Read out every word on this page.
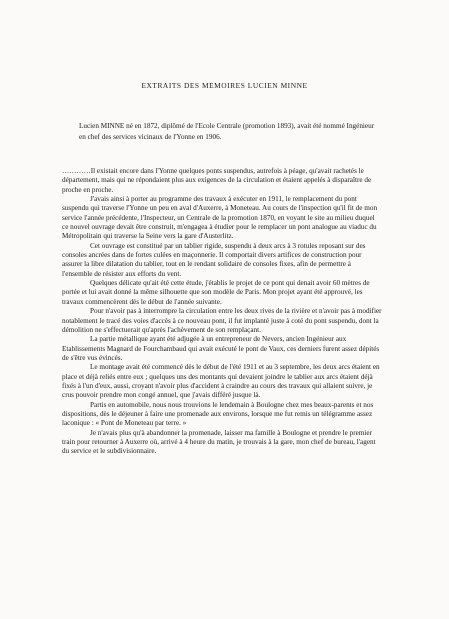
EXTRAITS DES MEMOIRES LUCIEN MINNE

Lucien MINNE né en 1872, diplômé de l'Ecole Centrale (promotion 1893), avait été nommé Ingénieur en chef des services vicinaux de l'Yonne en 1906.

…………Il existait encore dans l'Yonne quelques ponts suspendus, autrefois à péage, qu'avait rachetés le département, mais qui ne répondaient plus aux exigences de la circulation et étaient appelés à disparaître de proche en proche.

J'avais ainsi à porter au programme des travaux à exécuter en 1911, le remplacement du pont suspendu qui traverse l'Yonne un peu en aval d'Auxerre, à Moneteau. Au cours de l'inspection qu'il fit de mon service l'année précédente, l'Inspecteur, un Centrale de la promotion 1870, en voyant le site au milieu duquel ce nouvel ouvrage devait être construit, m'engagea à étudier pour le remplacer un pont analogue au viaduc du Métropolitain qui traverse la Seine vers la gare d'Austerlitz.

Cet ouvrage est constitué par un tablier rigide, suspendu à deux arcs à 3 rotules reposant sur des consoles ancrées dans de fortes culées en maçonnerie. Il comportait divers artifices de construction pour assurer la libre dilatation du tablier, tout en le rendant solidaire de consoles fixes, afin de permettre à l'ensemble de résister aux efforts du vent.

Quelques délicate qu'ait été cette étude, j'établis le projet de ce pont qui denait avoir 60 mètres de portée et lui avait donné la même silhouette que son modèle de Paris. Mon projet ayant été approuvé, les travaux commencèrent dès le début de l'année suivante.

Pour n'avoir pas à interrompre la circulation entre les deux rives de la rivière et n'avoir pas à modifier notablement le tracé des voies d'accès à ce nouveau pont, il fut implanté juste à coté du pont suspendu, dont la démolition ne s'effectuerait qu'après l'achèvement de son remplaçant.

La partie métallique ayant été adjugée à un entrepreneur de Nevers, ancien Ingénieur aux Etablissements Magnard de Fourchambaud qui avait exécuté le pont de Vaux, ces derniers furent assez dépités de s'être vus évincés.

Le montage avait été commencé dès le début de l'été 1911 et au 3 septembre, les deux arcs étaient en place et déjà reliés entre eux ; quelques uns des montants qui devaient joindre le tablier aux arcs étaient déjà fixés à l'un d'eux, aussi, croyant n'avoir plus d'accident à craindre au cours des travaux qui allaient suivre, je crus pouvoir prendre mon congé annuel, que j'avais différé jusque là.

Partis en automobile, nous nous trouvions le lendemain à Boulogne chez mes beaux-parents et nos dispositions, dès le déjeuner à faire une promenade aux environs, lorsque me fut remis un télégramme assez laconique : « Pont de Moneteau par terre. »

Je n'avais plus qu'à abandonner la promenade, laisser ma famille à Boulogne et prendre le premier train pour retourner à Auxerre où, arrivé à 4 heure du matin, je trouvais à la gare, mon chef de bureau, l'agent du service et le subdivisionnaire.
